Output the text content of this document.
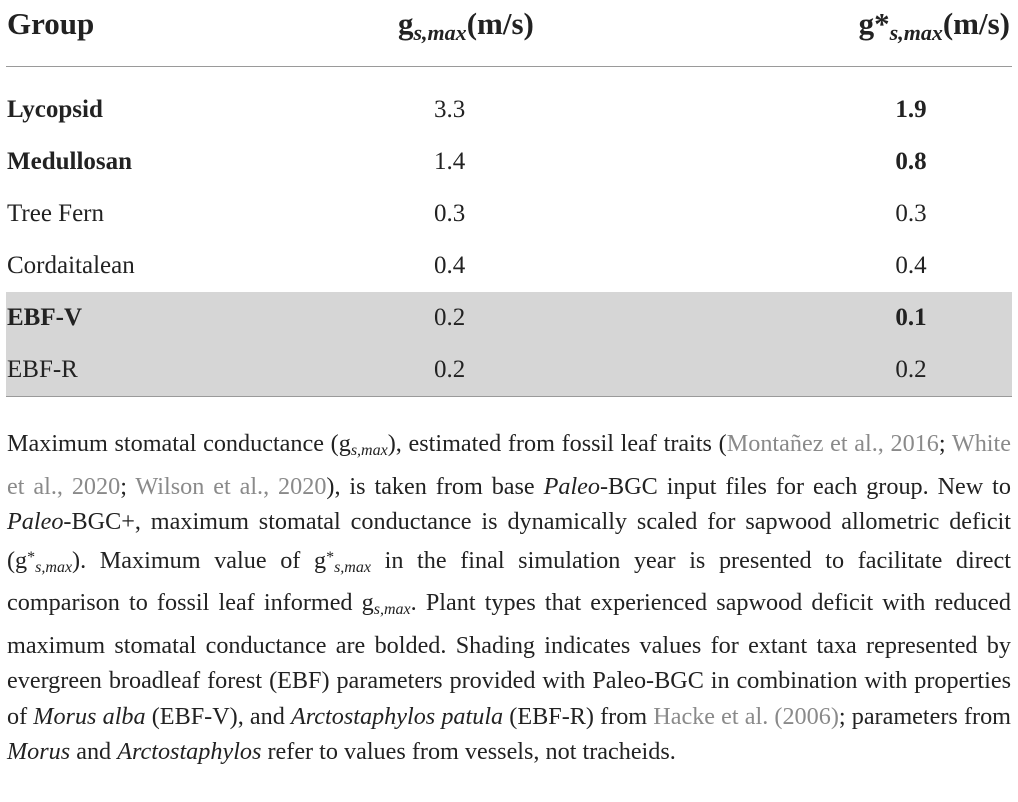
Group	$g_{s,max}(m/s)$	$g*_{s,max}(m/s)$
Lycopsid	3.3	1.9
Medullosan	1.4	0.8
Tree Fern	0.3	0.3
Cordaitalean	0.4	0.4
EBF-V	0.2	0.1
EBF-R	0.2	0.2
Maximum stomatal conductance $(g_{s,max})$, estimated from fossil leaf traits (Montañez et al., 2016; White et al., 2020; Wilson et al., 2020), is taken from base Paleo-BGC input files for each group. New to Paleo-BGC+, maximum stomatal conductance is dynamically scaled for sapwood allometric deficit $(g^*_{s,max})$. Maximum value of $g^*_{s,max}$ in the final simulation year is presented to facilitate direct comparison to fossil leaf informed $g_{s,max}$. Plant types that experienced sapwood deficit with reduced maximum stomatal conductance are bolded. Shading indicates values for extant taxa represented by evergreen broadleaf forest (EBF) parameters provided with Paleo-BGC in combination with properties of Morus alba (EBF-V), and Arctostaphylos patula (EBF-R) from Hacke et al. (2006); parameters from Morus and Arctostaphylos refer to values from vessels, not tracheids.
